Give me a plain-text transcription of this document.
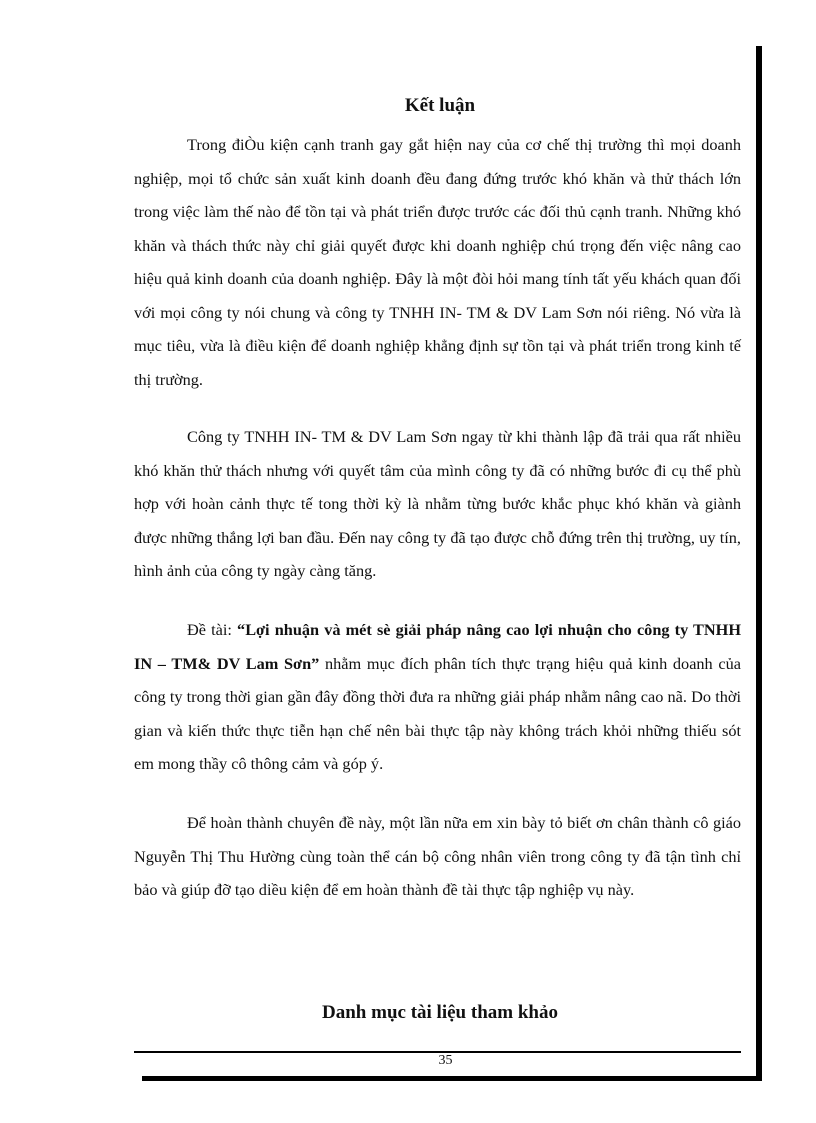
Kết luận

Trong điÒu kiện cạnh tranh gay gắt hiện nay của cơ chế thị trường thì mọi doanh nghiệp, mọi tổ chức sản xuất kinh doanh đều đang đứng trước khó khăn và thử thách lớn trong việc làm thế nào để tồn tại và phát triển được trước các đối thủ cạnh tranh. Những khó khăn và thách thức này chỉ giải quyết được khi doanh nghiệp chú trọng đến việc nâng cao hiệu quả kinh doanh của doanh nghiệp. Đây là một đòi hỏi mang tính tất yếu khách quan đối với mọi công ty nói chung và công ty TNHH IN- TM & DV Lam Sơn nói riêng. Nó vừa là mục tiêu, vừa là điều kiện để doanh nghiệp khẳng định sự tồn tại và phát triển trong kinh tế thị trường.

Công ty TNHH IN- TM & DV Lam Sơn ngay từ khi thành lập đã trải qua rất nhiều khó khăn thử thách nhưng với quyết tâm của mình công ty đã có những bước đi cụ thể phù hợp với hoàn cảnh thực tế tong thời kỳ là nhằm từng bước khắc phục khó khăn và giành được những thắng lợi ban đầu. Đến nay công ty đã tạo được chỗ đứng trên thị trường, uy tín, hình ảnh của công ty ngày càng tăng.

Đề tài: “Lợi nhuận và mét sè giải pháp nâng cao lợi nhuận cho công ty TNHH IN – TM& DV Lam Sơn” nhằm mục đích phân tích thực trạng hiệu quả kinh doanh của công ty trong thời gian gần đây đồng thời đưa ra những giải pháp nhằm nâng cao nã. Do thời gian và kiến thức thực tiễn hạn chế nên bài thực tập này không trách khỏi những thiếu sót em mong thầy cô thông cảm và góp ý.

Để hoàn thành chuyên đề này, một lần nữa em xin bày tỏ biết ơn chân thành cô giáo Nguyễn Thị Thu Hường cùng toàn thể cán bộ công nhân viên trong công ty đã tận tình chỉ bảo và giúp đỡ tạo diều kiện để em hoàn thành đề tài thực tập nghiệp vụ này.

Danh mục tài liệu tham khảo
35
